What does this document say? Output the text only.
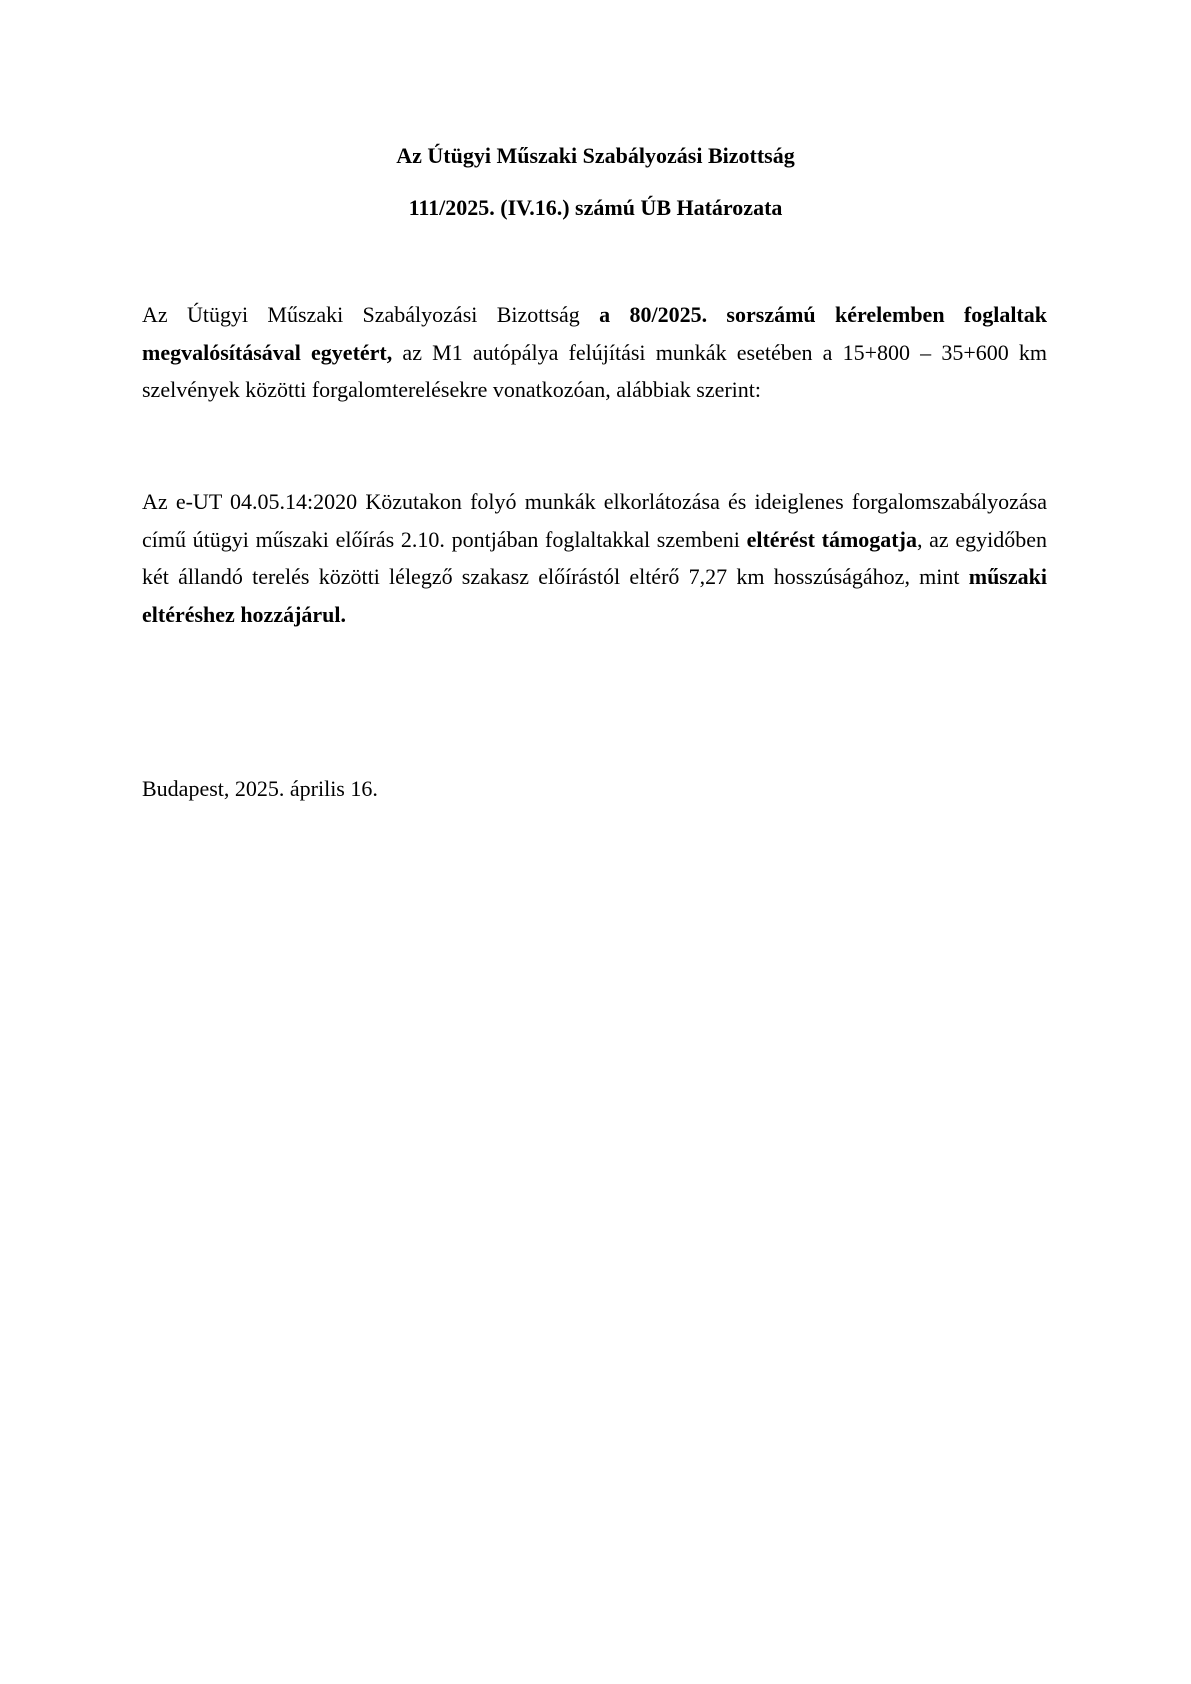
Az Útügyi Műszaki Szabályozási Bizottság

111/2025. (IV.16.) számú ÚB Határozata

Az Útügyi Műszaki Szabályozási Bizottság a 80/2025. sorszámú kérelemben foglaltak megvalósításával egyetért, az M1 autópálya felújítási munkák esetében a 15+800 – 35+600 km szelvények közötti forgalomterelésekre vonatkozóan, alábbiak szerint:

Az e-UT 04.05.14:2020 Közutakon folyó munkák elkorlátozása és ideiglenes forgalomszabályozása című útügyi műszaki előírás 2.10. pontjában foglaltakkal szembeni eltérést támogatja, az egyidőben két állandó terelés közötti lélegző szakasz előírástól eltérő 7,27 km hosszúságához, mint műszaki eltéréshez hozzájárul.

Budapest, 2025. április 16.
